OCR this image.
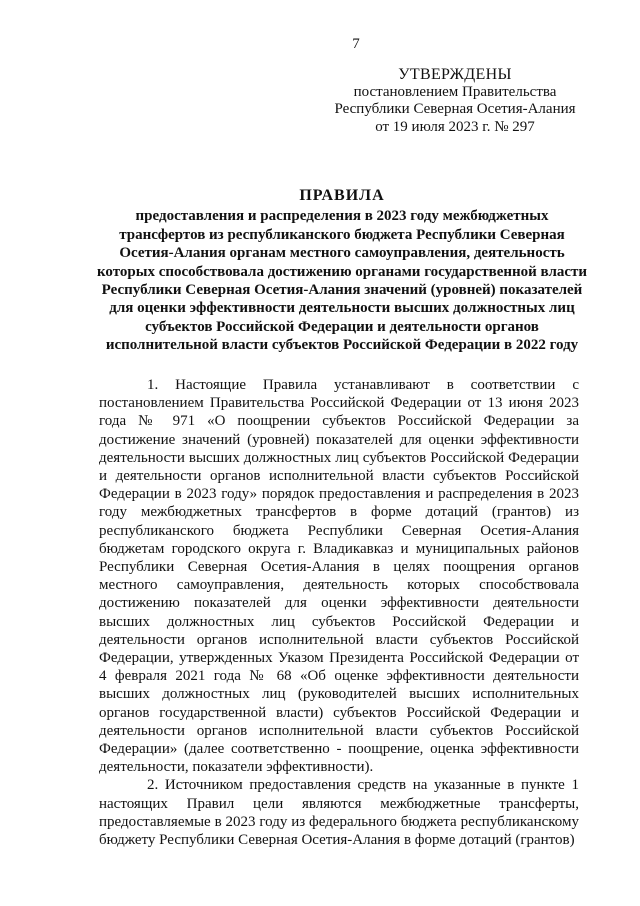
7
УТВЕРЖДЕНЫ
постановлением Правительства
Республики Северная Осетия-Алания
от 19 июля 2023 г. № 297
ПРАВИЛА
предоставления и распределения в 2023 году межбюджетных трансфертов из республиканского бюджета Республики Северная Осетия-Алания органам местного самоуправления, деятельность которых способствовала достижению органами государственной власти Республики Северная Осетия-Алания значений (уровней) показателей для оценки эффективности деятельности высших должностных лиц субъектов Российской Федерации и деятельности органов исполнительной власти субъектов Российской Федерации в 2022 году

1. Настоящие Правила устанавливают в соответствии с постановлением Правительства Российской Федерации от 13 июня 2023 года № 971 «О поощрении субъектов Российской Федерации за достижение значений (уровней) показателей для оценки эффективности деятельности высших должностных лиц субъектов Российской Федерации и деятельности органов исполнительной власти субъектов Российской Федерации в 2023 году» порядок предоставления и распределения в 2023 году межбюджетных трансфертов в форме дотаций (грантов) из республиканского бюджета Республики Северная Осетия-Алания бюджетам городского округа г. Владикавказ и муниципальных районов Республики Северная Осетия-Алания в целях поощрения органов местного самоуправления, деятельность которых способствовала достижению показателей для оценки эффективности деятельности высших должностных лиц субъектов Российской Федерации и деятельности органов исполнительной власти субъектов Российской Федерации, утвержденных Указом Президента Российской Федерации от 4 февраля 2021 года № 68 «Об оценке эффективности деятельности высших должностных лиц (руководителей высших исполнительных органов государственной власти) субъектов Российской Федерации и деятельности органов исполнительной власти субъектов Российской Федерации» (далее соответственно - поощрение, оценка эффективности деятельности, показатели эффективности).

2. Источником предоставления средств на указанные в пункте 1 настоящих Правил цели являются межбюджетные трансферты, предоставляемые в 2023 году из федерального бюджета республиканскому бюджету Республики Северная Осетия-Алания в форме дотаций (грантов)
